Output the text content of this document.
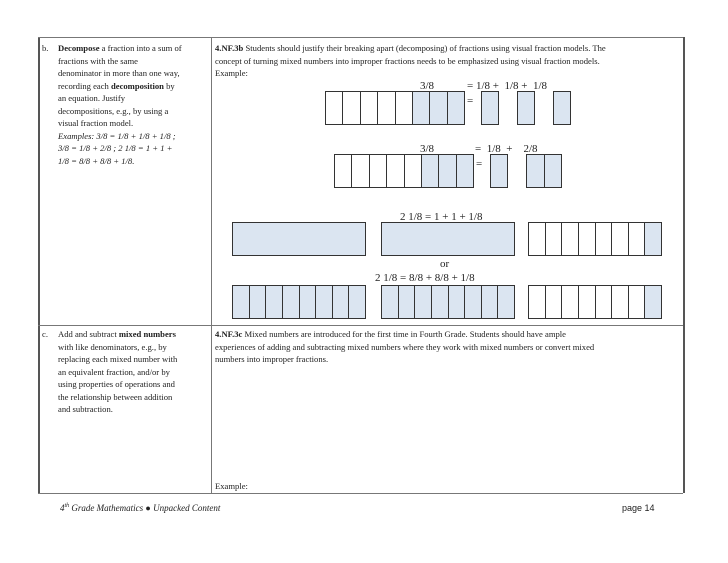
b. Decompose a fraction into a sum of
fractions with the same
denominator in more than one way,
recording each decomposition by
an equation. Justify
decompositions, e.g., by using a
visual fraction model.
Examples: 3/8 = 1/8 + 1/8 + 1/8 ;
3/8 = 1/8 + 2/8 ; 2 1/8 = 1 + 1 +
1/8 = 8/8 + 8/8 + 1/8.
4.NF.3b Students should justify their breaking apart (decomposing) of fractions using visual fraction models. The
concept of turning mixed numbers into improper fractions needs to be emphasized using visual fraction models.
Example:
3/8	= 1/8 +  1/8 +  1/8
=
3/8	=  1/8  +    2/8
=
2 1/8 = 1 + 1 + 1/8
or
2 1/8 = 8/8 + 8/8 + 1/8
c. Add and subtract mixed numbers
with like denominators, e.g., by
replacing each mixed number with
an equivalent fraction, and/or by
using properties of operations and
the relationship between addition
and subtraction.
4.NF.3c Mixed numbers are introduced for the first time in Fourth Grade. Students should have ample
experiences of adding and subtracting mixed numbers where they work with mixed numbers or convert mixed
numbers into improper fractions.
Example:
4th Grade Mathematics ● Unpacked Content	page 14
